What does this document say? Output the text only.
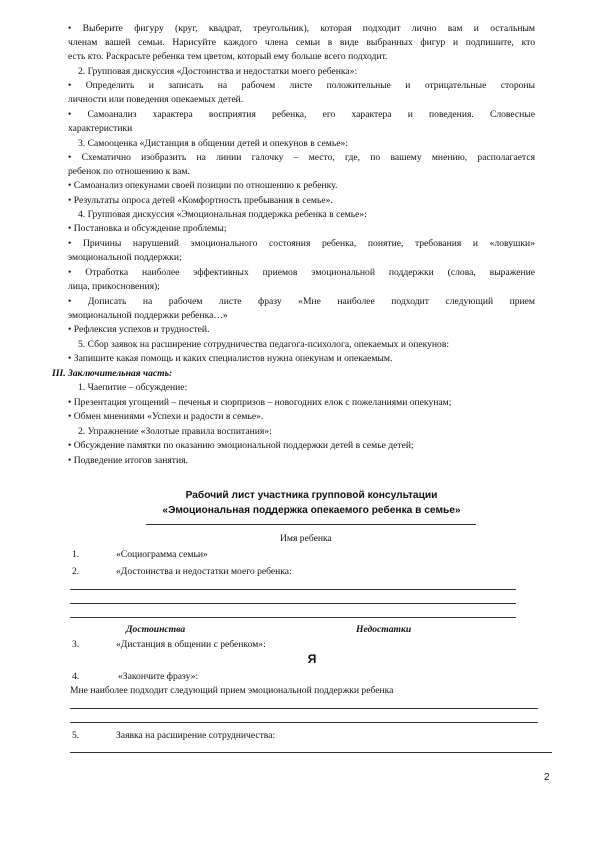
• Выберите фигуру (круг, квадрат, треугольник), которая подходит лично вам и остальным
членам вашей семьи. Нарисуйте каждого члена семьи в виде выбранных фигур и подпишите, кто
есть кто. Раскрасьте ребенка тем цветом, который ему больше всего подходит.
2. Групповая дискуссия «Достоинства и недостатки моего ребенка»:
• Определить и записать на рабочем листе положительные и отрицательные стороны
личности или поведения опекаемых детей.
• Самоанализ характера восприятия ребенка, его характера и поведения. Словесные
характеристики
3. Самооценка «Дистанция в общении детей и опекунов в семье»:
• Схематично изобразить на линии галочку – место, где, по вашему мнению, располагается
ребенок по отношению к вам.
• Самоанализ опекунами своей позиции по отношению к ребенку.
• Результаты опроса детей «Комфортность пребывания в семье».
4. Групповая дискуссия «Эмоциональная поддержка ребенка в семье»:
• Постановка и обсуждение проблемы;
• Причины нарушений эмоционального состояния ребенка, понятие, требования и «ловушки»
эмоциональной поддержки;
• Отработка наиболее эффективных приемов эмоциональной поддержки (слова, выражение
лица, прикосновения);
• Дописать на рабочем листе фразу «Мне наиболее подходит следующий прием
эмоциональной поддержки ребенка…»
• Рефлексия успехов и трудностей.
5. Сбор заявок на расширение сотрудничества педагога-психолога, опекаемых и опекунов:
• Запишите какая помощь и каких специалистов нужна опекунам и опекаемым.
III. Заключительная часть:
1. Чаепитие – обсуждение:
• Презентация угощений – печенья и сюрпризов – новогодних елок с пожеланиями опекунам;
• Обмен мнениями «Успехи и радости в семье».
2. Упражнение «Золотые правила воспитания»:
• Обсуждение памятки по оказанию эмоциональной поддержки детей в семье детей;
• Подведение итогов занятия.
Рабочий лист участника групповой консультации
«Эмоциональная поддержка опекаемого ребенка в семье»
Имя ребенка
1.	«Социограмма семьи»
2.	«Достоинства и недостатки моего ребенка:
Достоинства	Недостатки
3.	«Дистанция в общении с ребенком»:
Я
4.	«Закончите фразу»:
Мне наиболее подходит следующий прием эмоциональной поддержки ребенка
5.	Заявка на расширение сотрудничества:
2
